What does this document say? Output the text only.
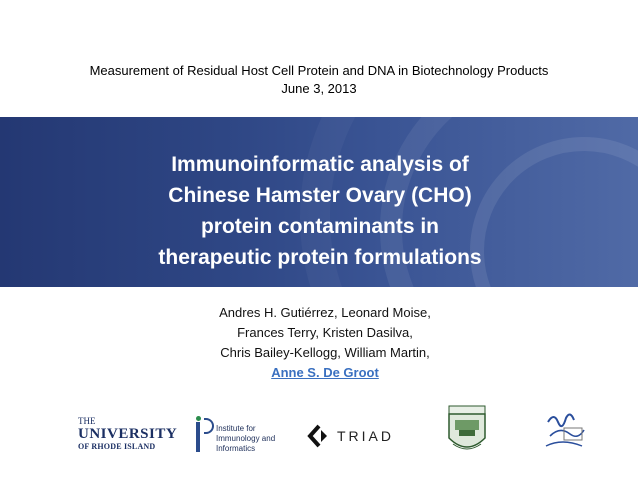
Measurement of Residual Host Cell Protein and DNA in Biotechnology Products
June 3, 2013
Immunoinformatic analysis of
Chinese Hamster Ovary (CHO)
protein contaminants in
therapeutic protein formulations
Andres H. Gutiérrez, Leonard Moise,
Frances Terry, Kristen Dasilva,
Chris Bailey-Kellogg, William Martin,
Anne S. De Groot
THE
UNIVERSITY
OF RHODE ISLAND
Institute for
Immunology and
Informatics
TRIAD
